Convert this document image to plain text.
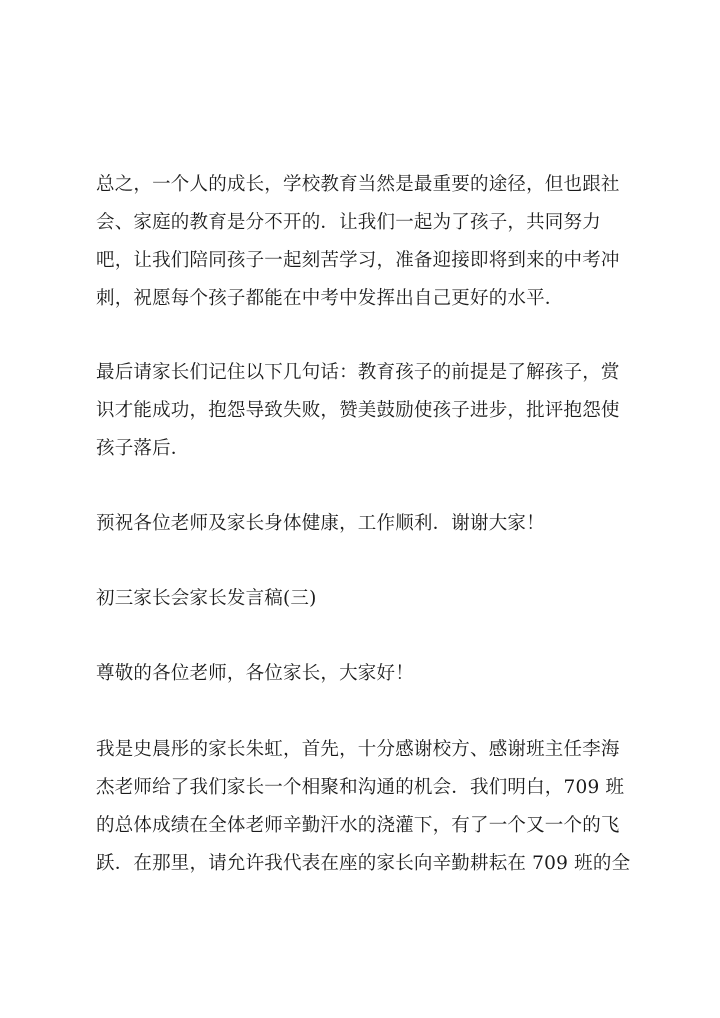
总之，一个人的成长，学校教育当然是最重要的途径，但也跟社
会、家庭的教育是分不开的．让我们一起为了孩子，共同努力
吧，让我们陪同孩子一起刻苦学习，准备迎接即将到来的中考冲
刺，祝愿每个孩子都能在中考中发挥出自己更好的水平．

最后请家长们记住以下几句话：教育孩子的前提是了解孩子，赏
识才能成功，抱怨导致失败，赞美鼓励使孩子进步，批评抱怨使
孩子落后．

预祝各位老师及家长身体健康，工作顺利．谢谢大家！

初三家长会家长发言稿(三)

尊敬的各位老师，各位家长，大家好！

我是史晨彤的家长朱虹，首先，十分感谢校方、感谢班主任李海
杰老师给了我们家长一个相聚和沟通的机会．我们明白，709 班
的总体成绩在全体老师辛勤汗水的浇灌下，有了一个又一个的飞
跃．在那里，请允许我代表在座的家长向辛勤耕耘在 709 班的全
